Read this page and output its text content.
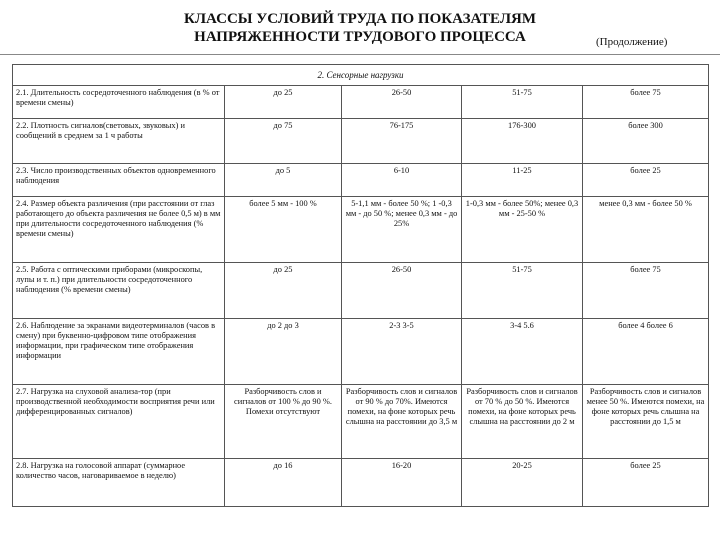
КЛАССЫ УСЛОВИЙ ТРУДА ПО ПОКАЗАТЕЛЯМ НАПРЯЖЕННОСТИ ТРУДОВОГО ПРОЦЕССА	(Продолжение)
2. Сенсорные нагрузки				
2.1. Длительность сосредоточенного наблюдения (в % от времени смены)	до 25	26-50	51-75	более 75
2.2. Плотность сигналов(световых, звуковых) и сообщений в среднем за 1 ч работы	до 75	76-175	176-300	более 300
2.3. Число производственных объектов одновременного наблюдения	до 5	6-10	11-25	более 25
2.4. Размер объекта различения (при расстоянии от глаз работающего до объекта различения не более 0,5 м) в мм при длительности сосредоточенного наблюдения (% времени смены)	более 5 мм - 100 %	5-1,1 мм - более 50 %; 1 -0,3 мм - до 50 %; менее 0,3 мм - до 25%	1-0,3 мм - более 50%; менее 0,3 мм - 25-50 %	менее 0,3 мм - более 50 %
2.5. Работа с оптическими приборами (микроскопы, лупы и т. п.) при длительности сосредоточенного наблюдения (% времени смены)	до 25	26-50	51-75	более 75
2.6. Наблюдение за экранами видеотерминалов (часов в смену) при буквенно-цифровом типе отображения информации, при графическом типе отображения информации	до 2 до 3	2-3 3-5	3-4 5.6	более 4 более 6
2.7. Нагрузка на слуховой анализа-тор (при производственной необходимости восприятия речи или дифференцированных сигналов)	Разборчивость слов и сигналов от 100 % до 90 %. Помехи отсутствуют	Разборчивость слов и сигналов от 90 % до 70%. Имеются помехи, на фоне которых речь слышна на расстоянии до 3,5 м	Разборчивость слов и сигналов от 70 % до 50 %. Имеются помехи, на фоне которых речь слышна на расстоянии до 2 м	Разборчивость слов и сигналов менее 50 %. Имеются помехи, на фоне которых речь слышна на расстоянии до 1,5 м
2.8. Нагрузка на голосовой аппарат (суммарное количество часов, наговариваемое в неделю)	до 16	16-20	20-25	более 25
